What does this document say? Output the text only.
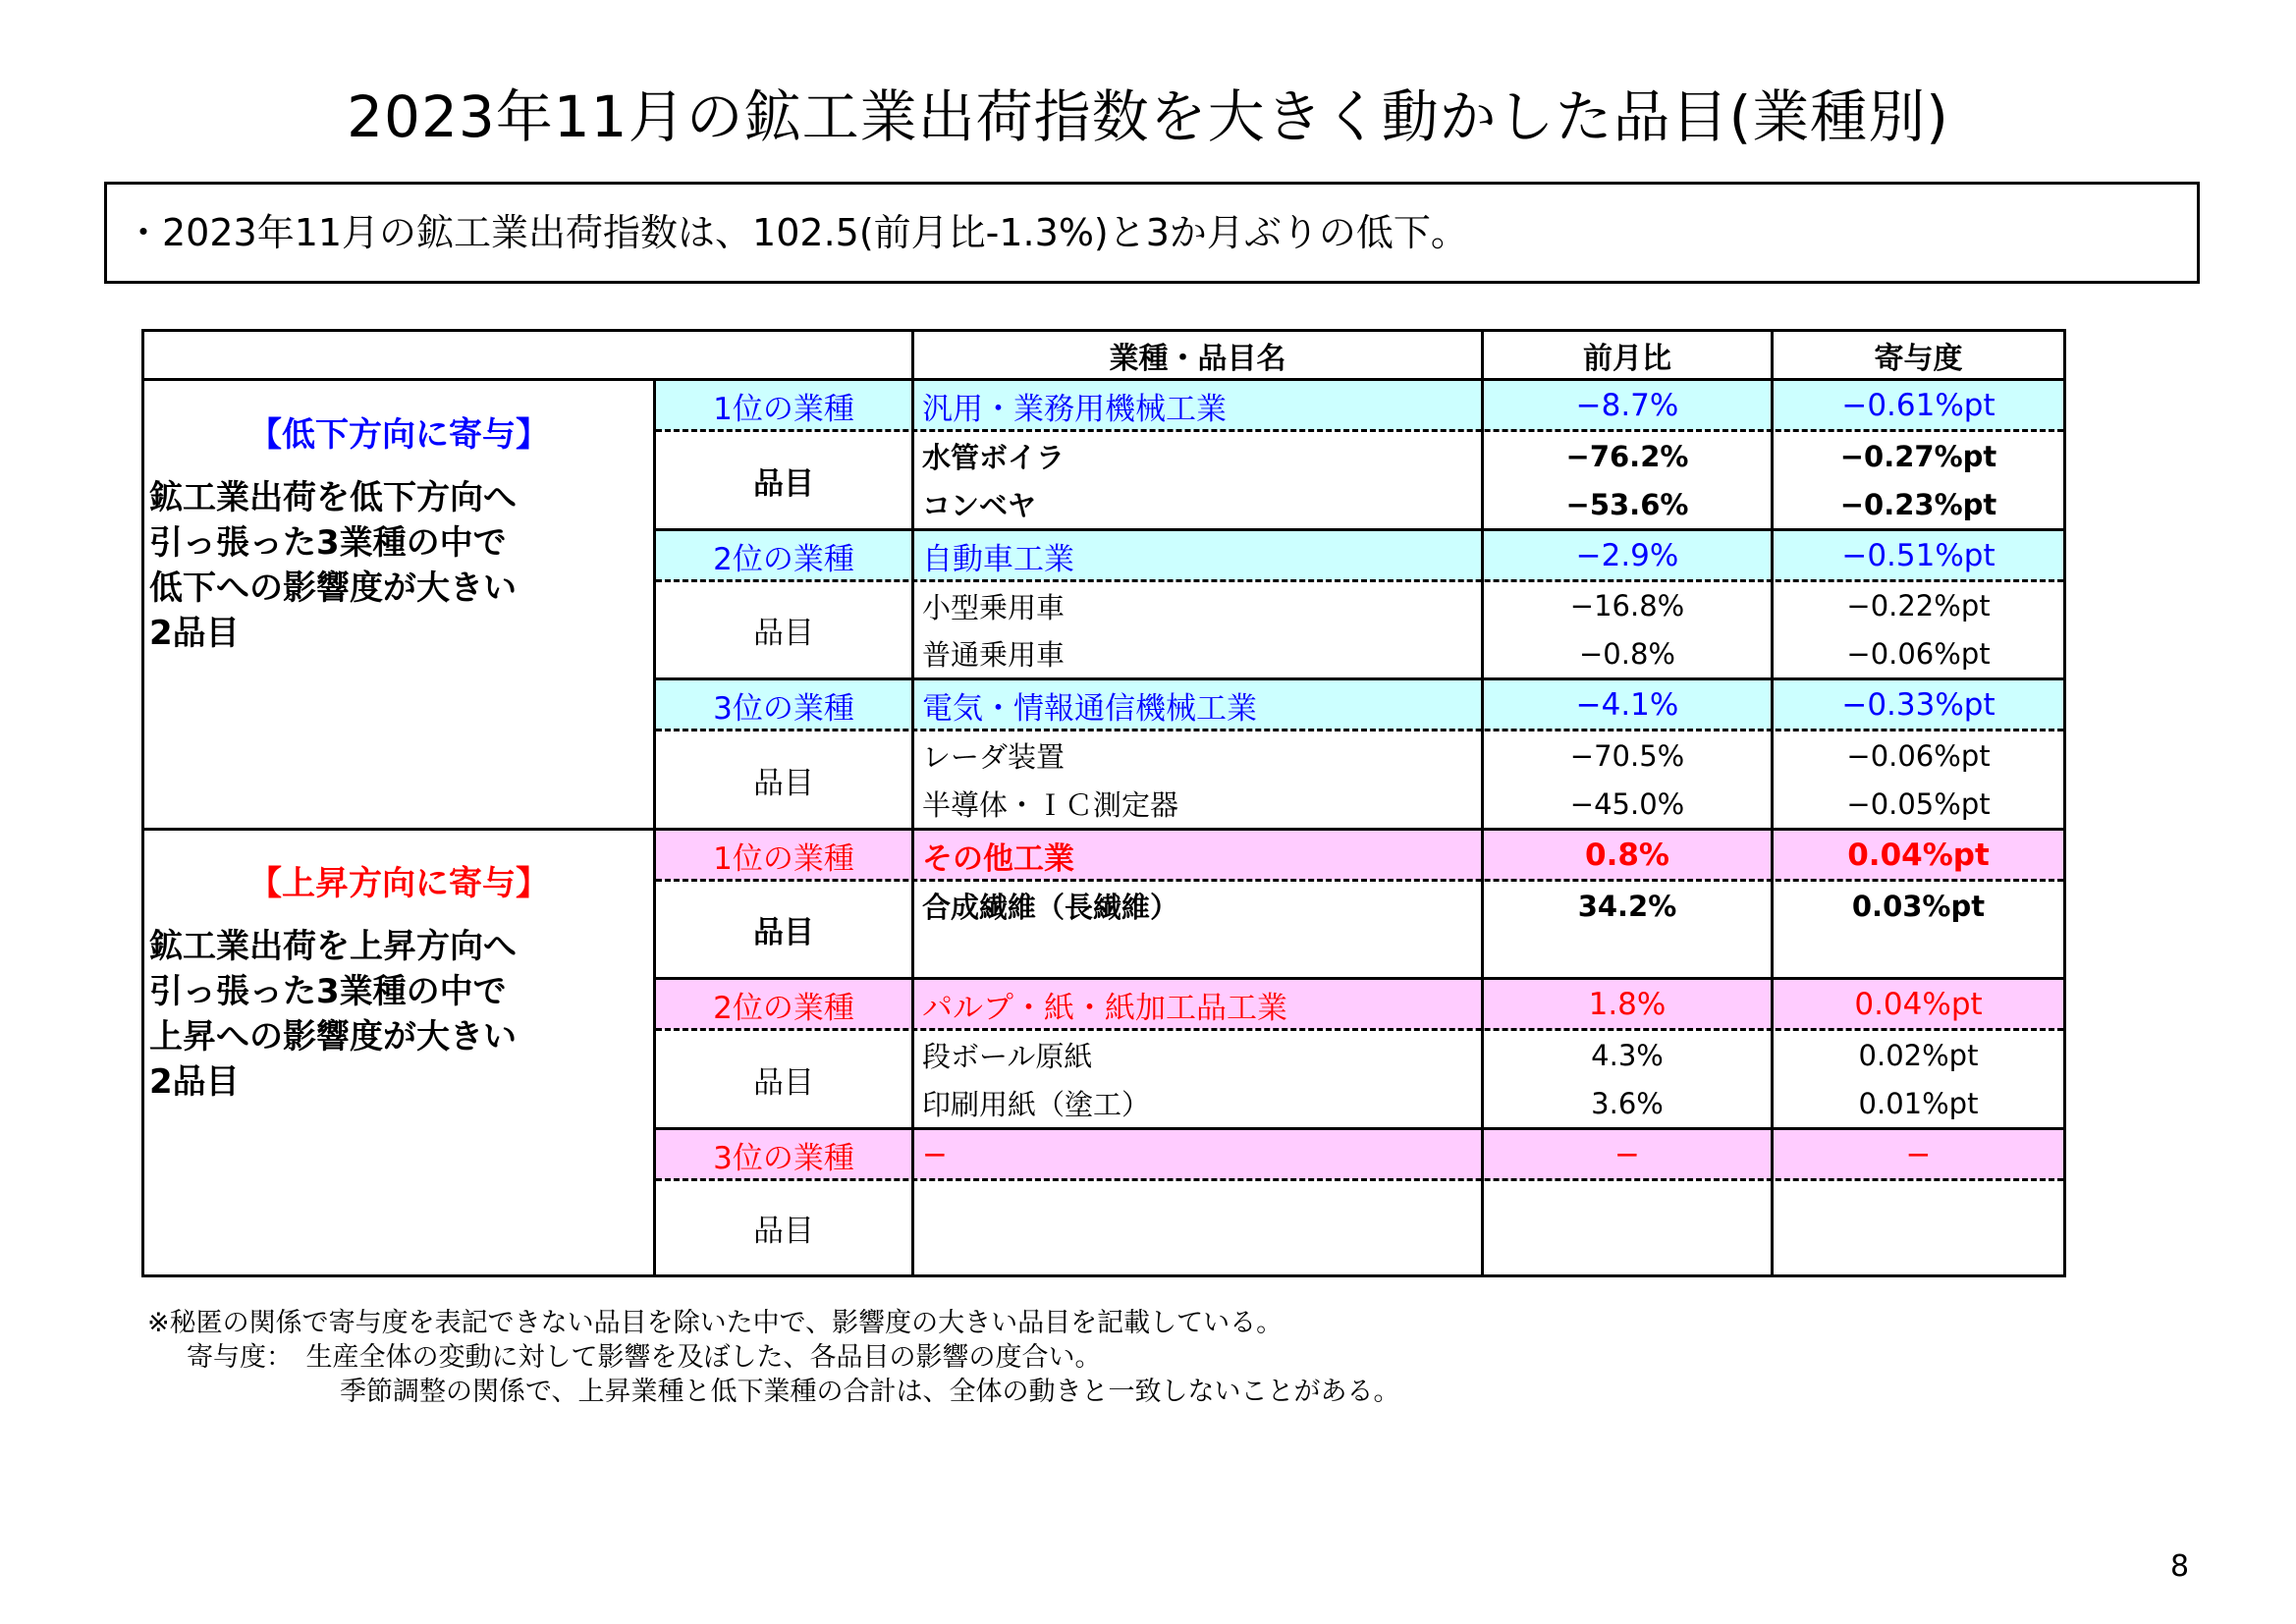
2023年11月の鉱工業出荷指数を大きく動かした品目(業種別)
・2023年11月の鉱工業出荷指数は、102.5(前月比-1.3%)と3か月ぶりの低下。
業種・品目名	前月比	寄与度
【低下方向に寄与】
鉱工業出荷を低下方向へ
引っ張った3業種の中で
低下への影響度が大きい
2品目
1位の業種	汎用・業務用機械工業	−8.7%	−0.61%pt
品目
水管ボイラ	−76.2%	−0.27%pt
コンベヤ	−53.6%	−0.23%pt
2位の業種	自動車工業	−2.9%	−0.51%pt
品目
小型乗用車	−16.8%	−0.22%pt
普通乗用車	−0.8%	−0.06%pt
3位の業種	電気・情報通信機械工業	−4.1%	−0.33%pt
品目
レーダ装置	−70.5%	−0.06%pt
半導体・ＩＣ測定器	−45.0%	−0.05%pt
【上昇方向に寄与】
鉱工業出荷を上昇方向へ
引っ張った3業種の中で
上昇への影響度が大きい
2品目
1位の業種	その他工業	0.8%	0.04%pt
品目
合成繊維（長繊維）	34.2%	0.03%pt
2位の業種	パルプ・紙・紙加工品工業	1.8%	0.04%pt
品目
段ボール原紙	4.3%	0.02%pt
印刷用紙（塗工）	3.6%	0.01%pt
3位の業種	−	−	−
品目
※秘匿の関係で寄与度を表記できない品目を除いた中で、影響度の大きい品目を記載している。
寄与度：　生産全体の変動に対して影響を及ぼした、各品目の影響の度合い。
季節調整の関係で、上昇業種と低下業種の合計は、全体の動きと一致しないことがある。
8
